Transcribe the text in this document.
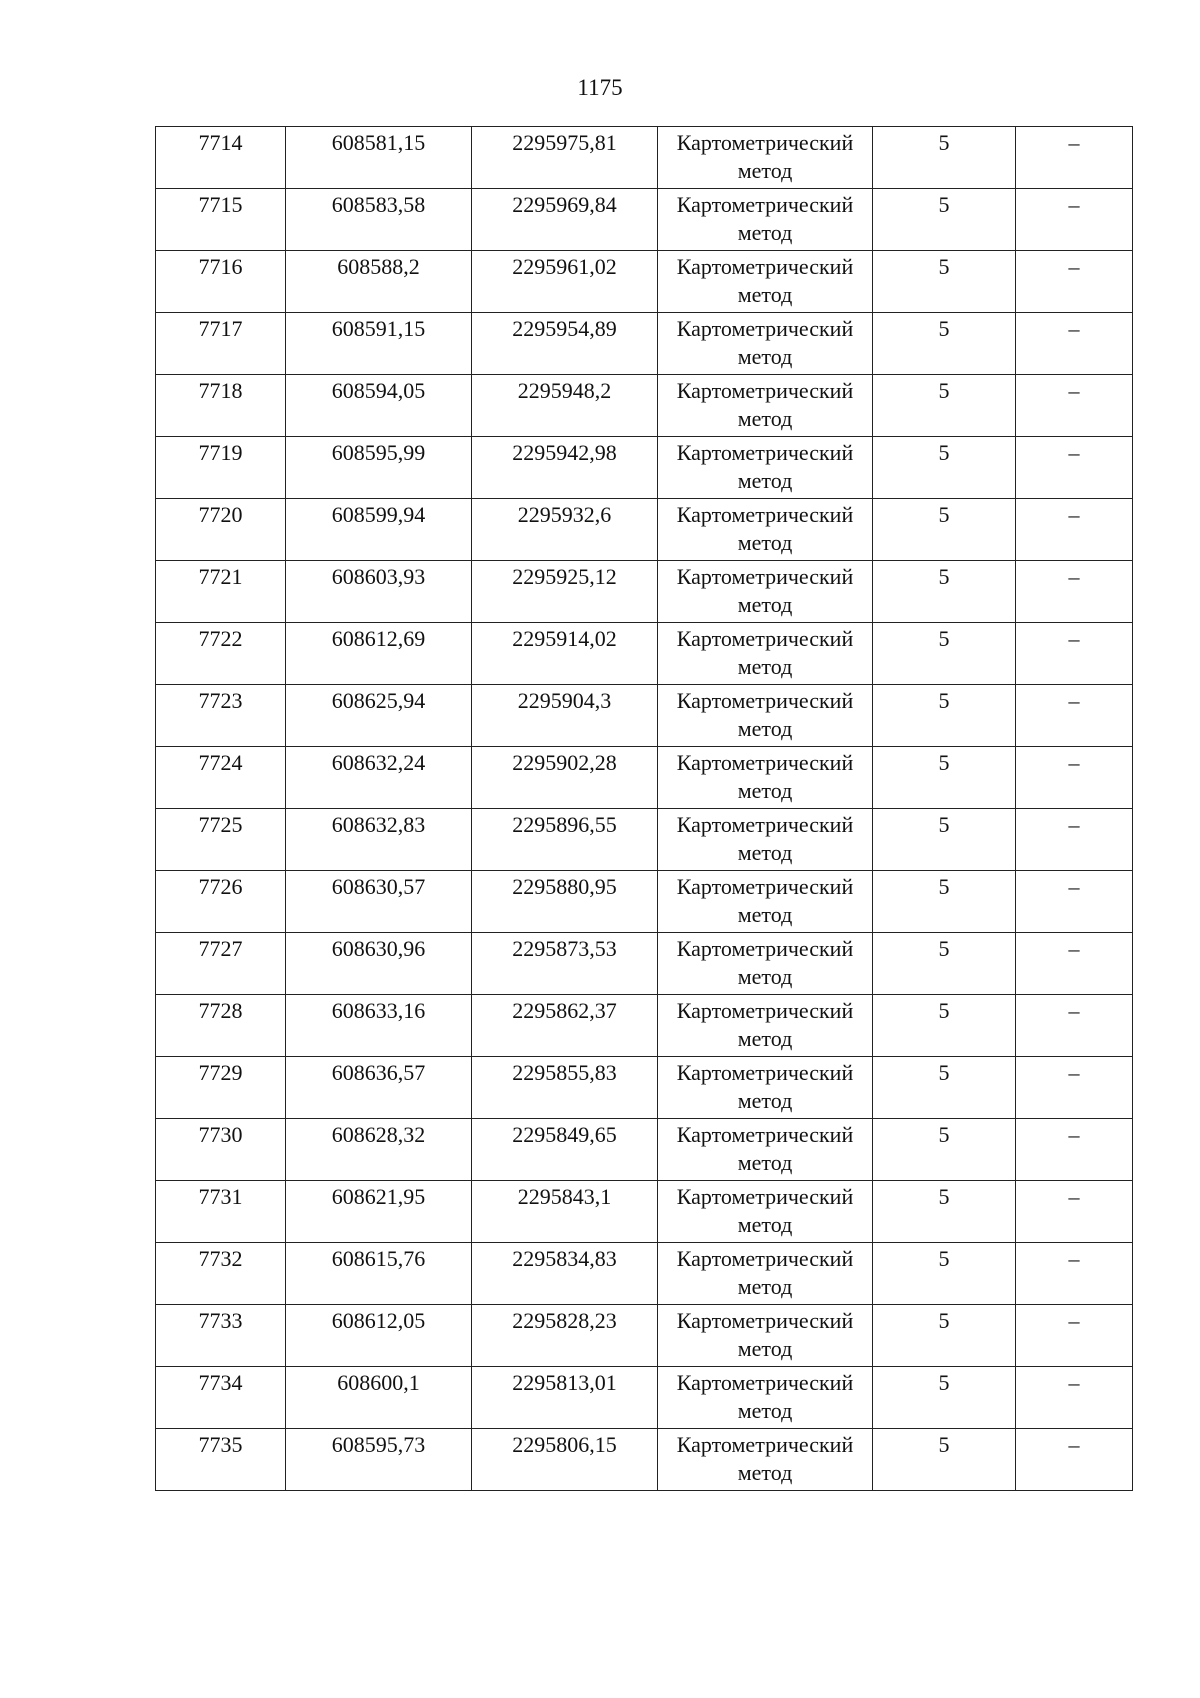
1175
7714	608581,15	2295975,81	Картометрический метод	5	–
7715	608583,58	2295969,84	Картометрический метод	5	–
7716	608588,2	2295961,02	Картометрический метод	5	–
7717	608591,15	2295954,89	Картометрический метод	5	–
7718	608594,05	2295948,2	Картометрический метод	5	–
7719	608595,99	2295942,98	Картометрический метод	5	–
7720	608599,94	2295932,6	Картометрический метод	5	–
7721	608603,93	2295925,12	Картометрический метод	5	–
7722	608612,69	2295914,02	Картометрический метод	5	–
7723	608625,94	2295904,3	Картометрический метод	5	–
7724	608632,24	2295902,28	Картометрический метод	5	–
7725	608632,83	2295896,55	Картометрический метод	5	–
7726	608630,57	2295880,95	Картометрический метод	5	–
7727	608630,96	2295873,53	Картометрический метод	5	–
7728	608633,16	2295862,37	Картометрический метод	5	–
7729	608636,57	2295855,83	Картометрический метод	5	–
7730	608628,32	2295849,65	Картометрический метод	5	–
7731	608621,95	2295843,1	Картометрический метод	5	–
7732	608615,76	2295834,83	Картометрический метод	5	–
7733	608612,05	2295828,23	Картометрический метод	5	–
7734	608600,1	2295813,01	Картометрический метод	5	–
7735	608595,73	2295806,15	Картометрический метод	5	–
